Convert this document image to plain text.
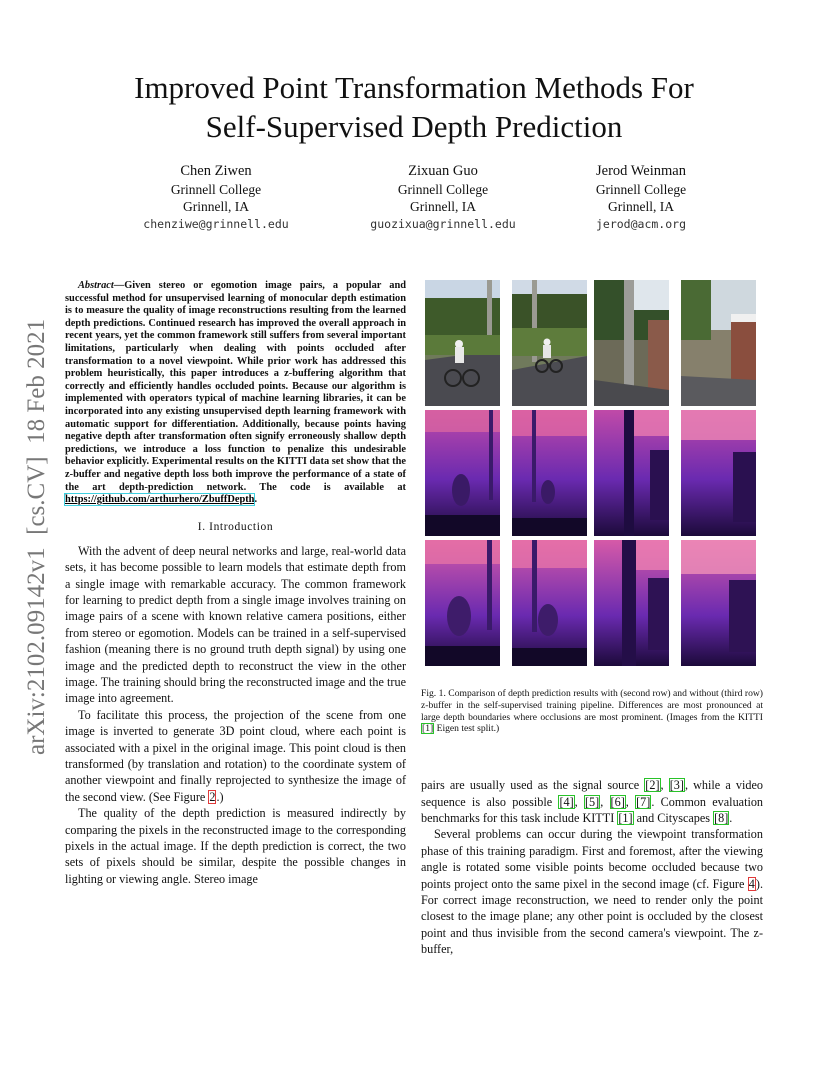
arXiv:2102.09142v1  [cs.CV]  18 Feb 2021
Improved Point Transformation Methods For
Self-Supervised Depth Prediction
Chen Ziwen
Grinnell College
Grinnell, IA
chenziwe@grinnell.edu
Zixuan Guo
Grinnell College
Grinnell, IA
guozixua@grinnell.edu
Jerod Weinman
Grinnell College
Grinnell, IA
jerod@acm.org

Abstract—Given stereo or egomotion image pairs, a popular and successful method for unsupervised learning of monocular depth estimation is to measure the quality of image reconstructions resulting from the learned depth predictions. Continued research has improved the overall approach in recent years, yet the common framework still suffers from several important limitations, particularly when dealing with points occluded after transformation to a novel viewpoint. While prior work has addressed this problem heuristically, this paper introduces a z-buffering algorithm that correctly and efficiently handles occluded points. Because our algorithm is implemented with operators typical of machine learning libraries, it can be incorporated into any existing unsupervised depth learning framework with automatic support for differentiation. Additionally, because points having negative depth after transformation often signify erroneously shallow depth predictions, we introduce a loss function to penalize this undesirable behavior explicitly. Experimental results on the KITTI data set show that the z-buffer and negative depth loss both improve the performance of a state of the art depth-prediction network. The code is available at https://github.com/arthurhero/ZbuffDepth.

I. Introduction

With the advent of deep neural networks and large, real-world data sets, it has become possible to learn models that estimate depth from a single image with remarkable accuracy. The common framework for learning to predict depth from a single image involves training on image pairs of a scene with known relative camera positions, either from stereo or egomotion. Models can be trained in a self-supervised fashion (meaning there is no ground truth depth signal) by using one image and the predicted depth to reconstruct the view in the other image. The training should bring the reconstructed image and the true image into agreement.

To facilitate this process, the projection of the scene from one image is inverted to generate 3D point cloud, where each point is associated with a pixel in the original image. This point cloud is then transformed (by translation and rotation) to the coordinate system of another viewpoint and finally reprojected to synthesize the image of the second view. (See Figure 2.)

The quality of the depth prediction is measured indirectly by comparing the pixels in the reconstructed image to the corresponding pixels in the actual image. If the depth prediction is correct, the two sets of pixels should be similar, despite the possible changes in lighting or viewing angle. Stereo image

Fig. 1. Comparison of depth prediction results with (second row) and without (third row) z-buffer in the self-supervised training pipeline. Differences are most pronounced at large depth boundaries where occlusions are most prominent. (Images from the KITTI [1] Eigen test split.)

pairs are usually used as the signal source [2], [3], while a video sequence is also possible [4], [5], [6], [7]. Common evaluation benchmarks for this task include KITTI [1] and Cityscapes [8].

Several problems can occur during the viewpoint transformation phase of this training paradigm. First and foremost, after the viewing angle is rotated some visible points become occluded because two points project onto the same pixel in the second image (cf. Figure 4). For correct image reconstruction, we need to render only the point closest to the image plane; any other point is occluded by the closest point and thus invisible from the second camera's viewpoint. The z-buffer,
